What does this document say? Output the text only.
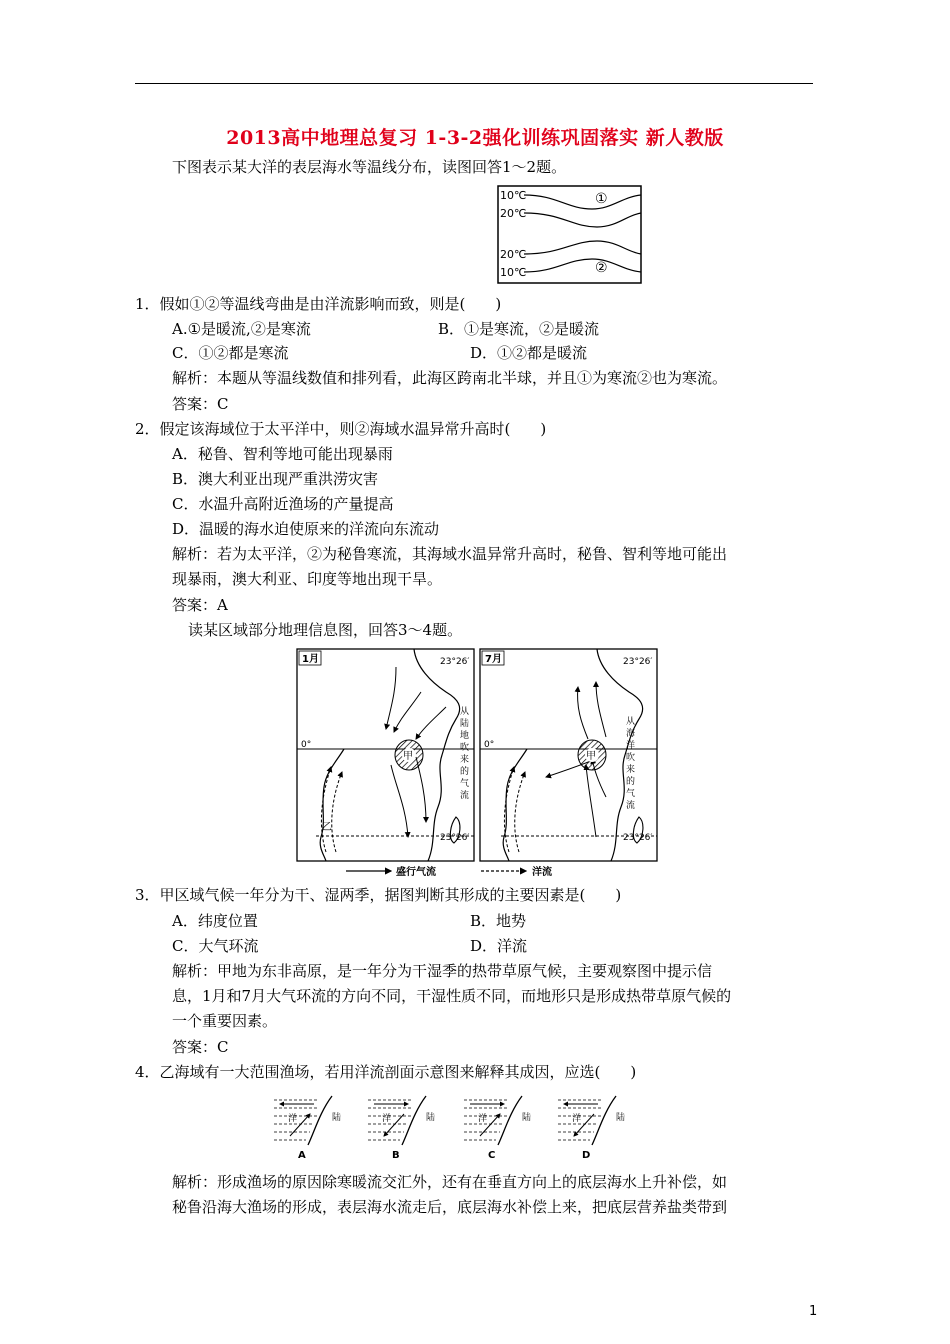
2013高中地理总复习 1-3-2强化训练巩固落实 新人教版
下图表示某大洋的表层海水等温线分布，读图回答1～2题。
10℃
20℃
20℃
10℃
①
②
1．假如①②等温线弯曲是由洋流影响而致，则是(　　)
A.①是暖流,②是寒流	B．①是寒流，②是暖流
C．①②都是寒流	D．①②都是暖流
解析：本题从等温线数值和排列看，此海区跨南北半球，并且①为寒流②也为寒流。
答案：C
2．假定该海域位于太平洋中，则②海域水温异常升高时(　　)
A．秘鲁、智利等地可能出现暴雨
B．澳大利亚出现严重洪涝灾害
C．水温升高附近渔场的产量提高
D．温暖的海水迫使原来的洋流向东流动
解析：若为太平洋，②为秘鲁寒流，其海域水温异常升高时，秘鲁、智利等地可能出
现暴雨，澳大利亚、印度等地出现干旱。
答案：A
读某区域部分地理信息图，回答3～4题。
1月	23°26′
23°26′
0°
甲
乙
从
陆
地
吹
来
的
气
流
7月	23°26′
23°26′
0°
甲
从
海
洋
吹
来
的
气
流
盛行气流	洋流
3．甲区域气候一年分为干、湿两季，据图判断其形成的主要因素是(　　)
A．纬度位置	B．地势
C．大气环流	D．洋流
解析：甲地为东非高原，是一年分为干湿季的热带草原气候，主要观察图中提示信
息，1月和7月大气环流的方向不同，干湿性质不同，而地形只是形成热带草原气候的
一个重要因素。
答案：C
4．乙海域有一大范围渔场，若用洋流剖面示意图来解释其成因，应选(　　)
洋	陆
A
洋	陆
B
洋	陆
C
洋	陆
D
解析：形成渔场的原因除寒暖流交汇外，还有在垂直方向上的底层海水上升补偿，如
秘鲁沿海大渔场的形成，表层海水流走后，底层海水补偿上来，把底层营养盐类带到
1
